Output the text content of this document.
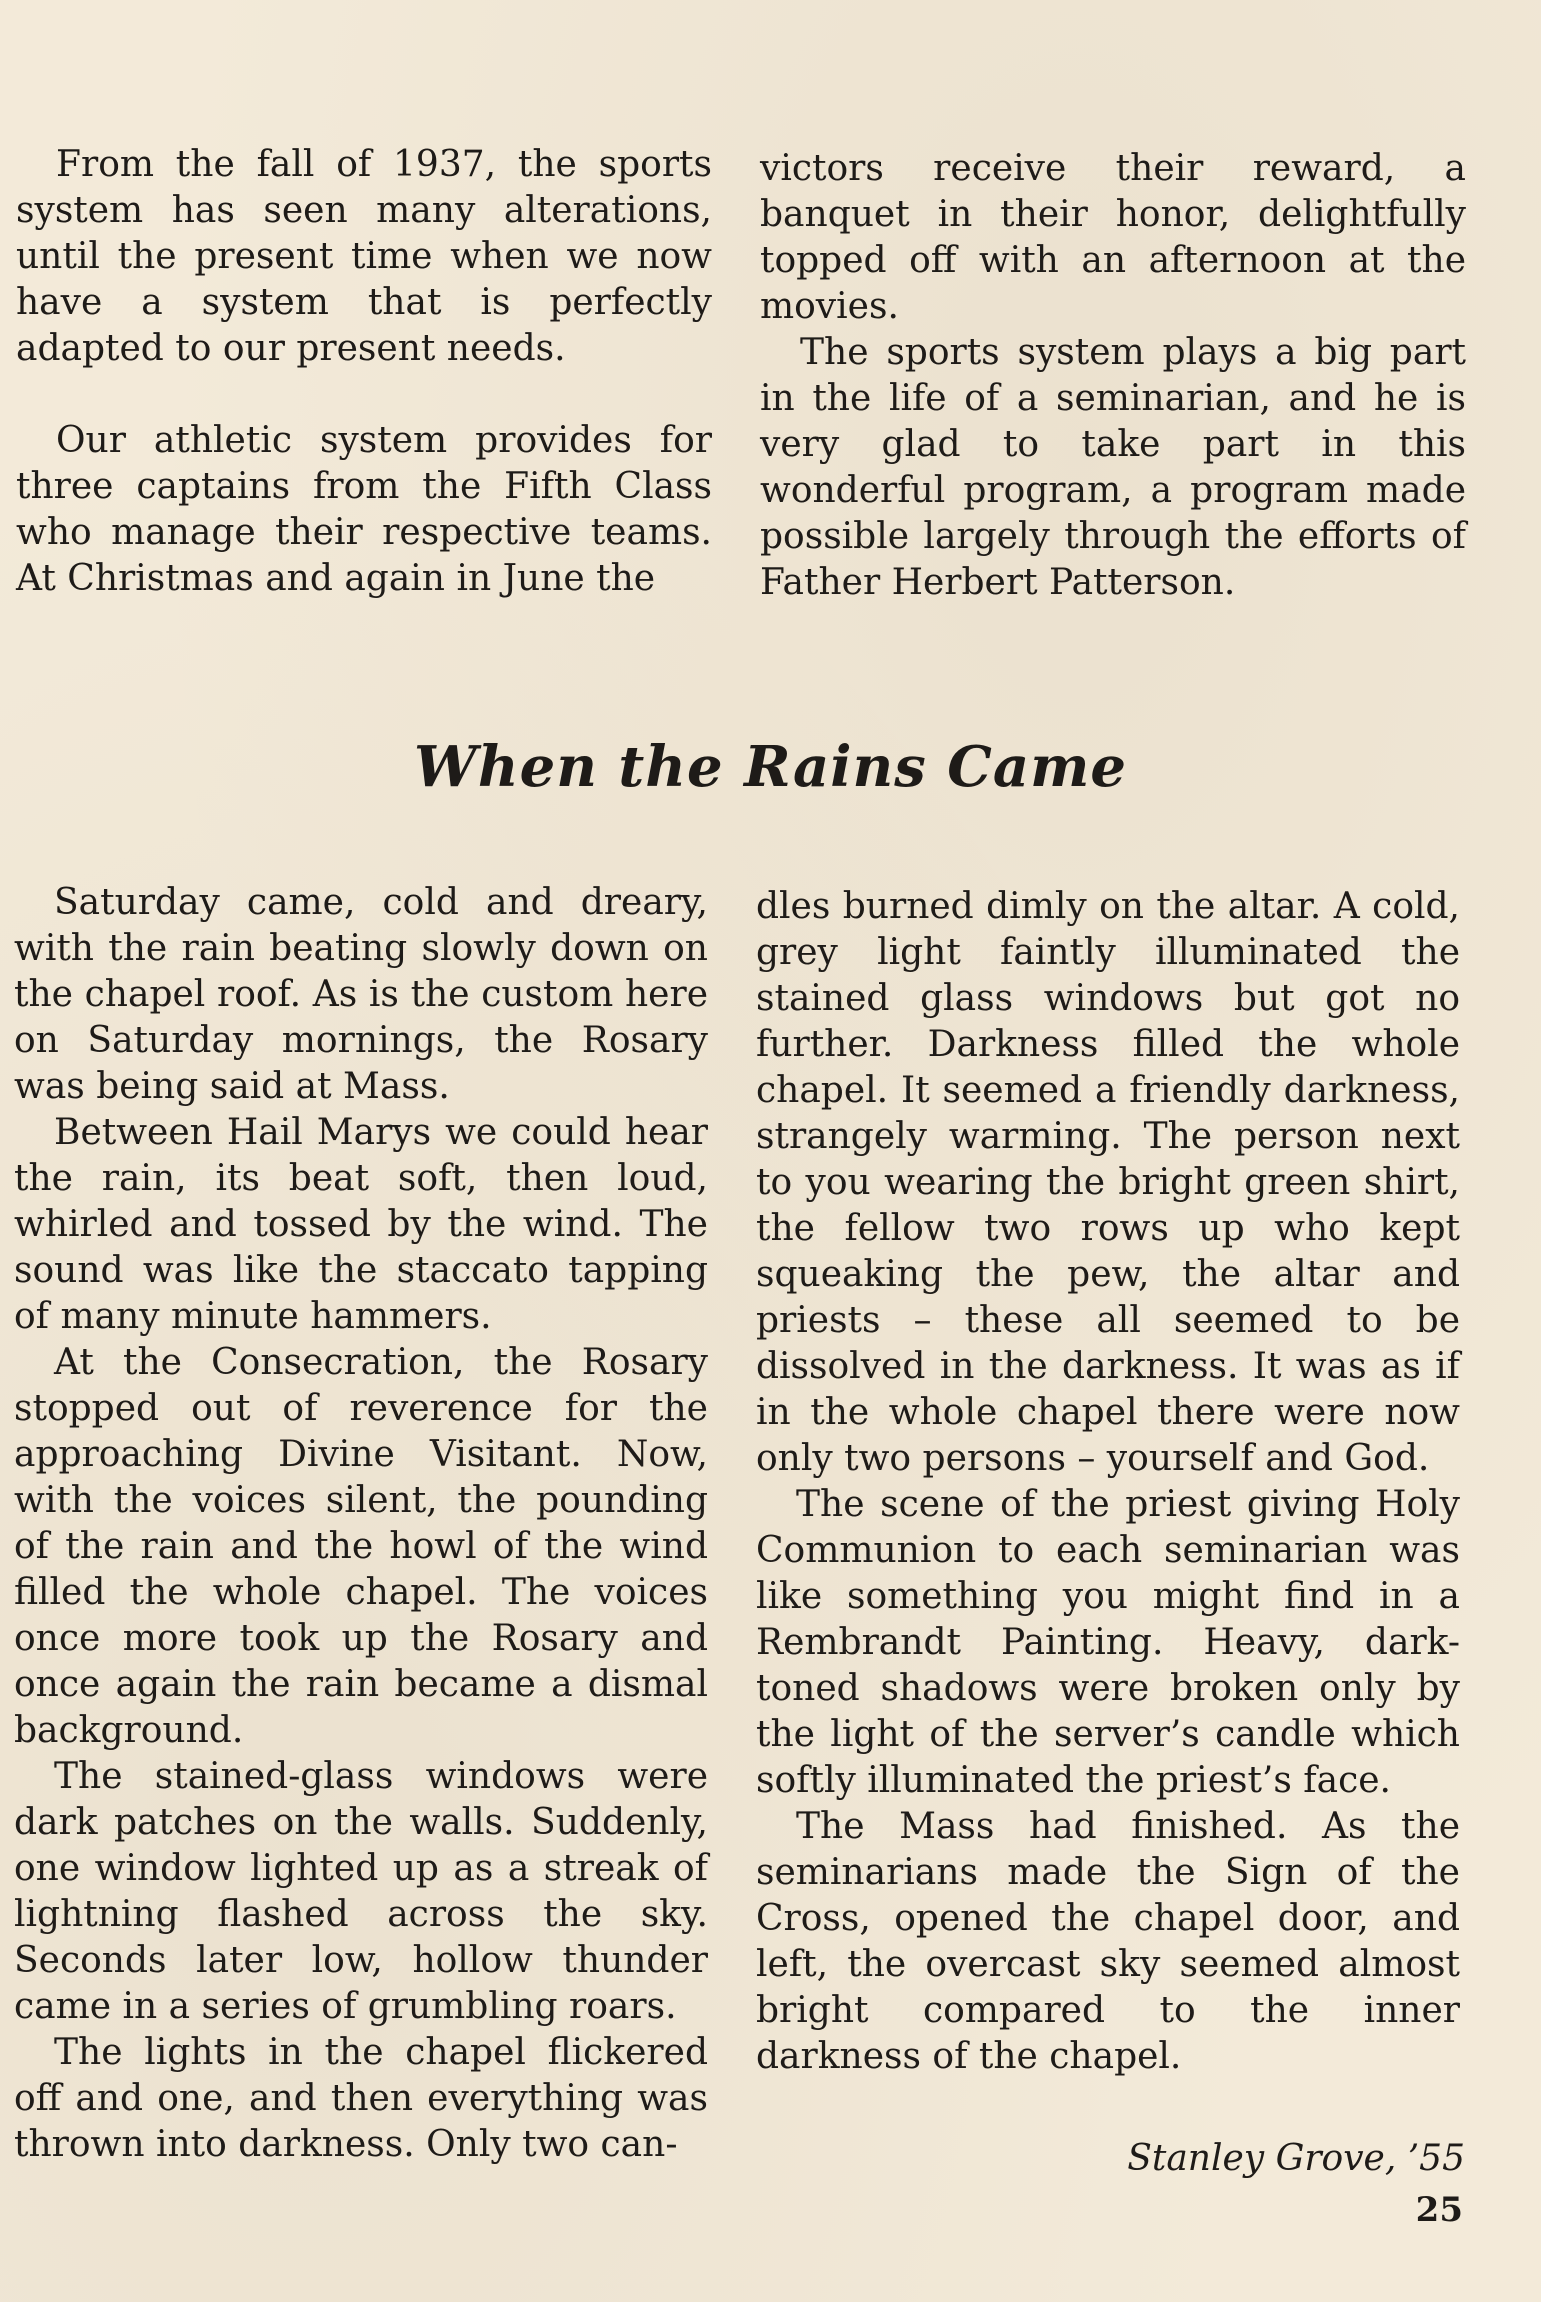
From the fall of 1937, the sports system has seen many alterations, until the present time when we now have a system that is perfectly adapted to our present needs.

Our athletic system provides for three captains from the Fifth Class who manage their respective teams. At Christmas and again in June the

victors receive their reward, a banquet in their honor, delightfully topped off with an afternoon at the movies.

The sports system plays a big part in the life of a seminarian, and he is very glad to take part in this wonderful program, a program made possible largely through the efforts of Father Herbert Patterson.

When the Rains Came

Saturday came, cold and dreary, with the rain beating slowly down on the chapel roof. As is the custom here on Saturday mornings, the Rosary was being said at Mass.

Between Hail Marys we could hear the rain, its beat soft, then loud, whirled and tossed by the wind. The sound was like the staccato tapping of many minute hammers.

At the Consecration, the Rosary stopped out of reverence for the approaching Divine Visitant. Now, with the voices silent, the pounding of the rain and the howl of the wind filled the whole chapel. The voices once more took up the Rosary and once again the rain became a dismal background.

The stained-glass windows were dark patches on the walls. Suddenly, one window lighted up as a streak of lightning flashed across the sky. Seconds later low, hollow thunder came in a series of grumbling roars.

The lights in the chapel flickered off and one, and then everything was thrown into darkness. Only two can-

dles burned dimly on the altar. A cold, grey light faintly illuminated the stained glass windows but got no further. Darkness filled the whole chapel. It seemed a friendly darkness, strangely warming. The person next to you wearing the bright green shirt, the fellow two rows up who kept squeaking the pew, the altar and priests – these all seemed to be dissolved in the darkness. It was as if in the whole chapel there were now only two persons – yourself and God.

The scene of the priest giving Holy Communion to each seminarian was like something you might find in a Rembrandt Painting. Heavy, dark-toned shadows were broken only by the light of the server’s candle which softly illuminated the priest’s face.

The Mass had finished. As the seminarians made the Sign of the Cross, opened the chapel door, and left, the overcast sky seemed almost bright compared to the inner darkness of the chapel.

Stanley Grove, ’55
25
